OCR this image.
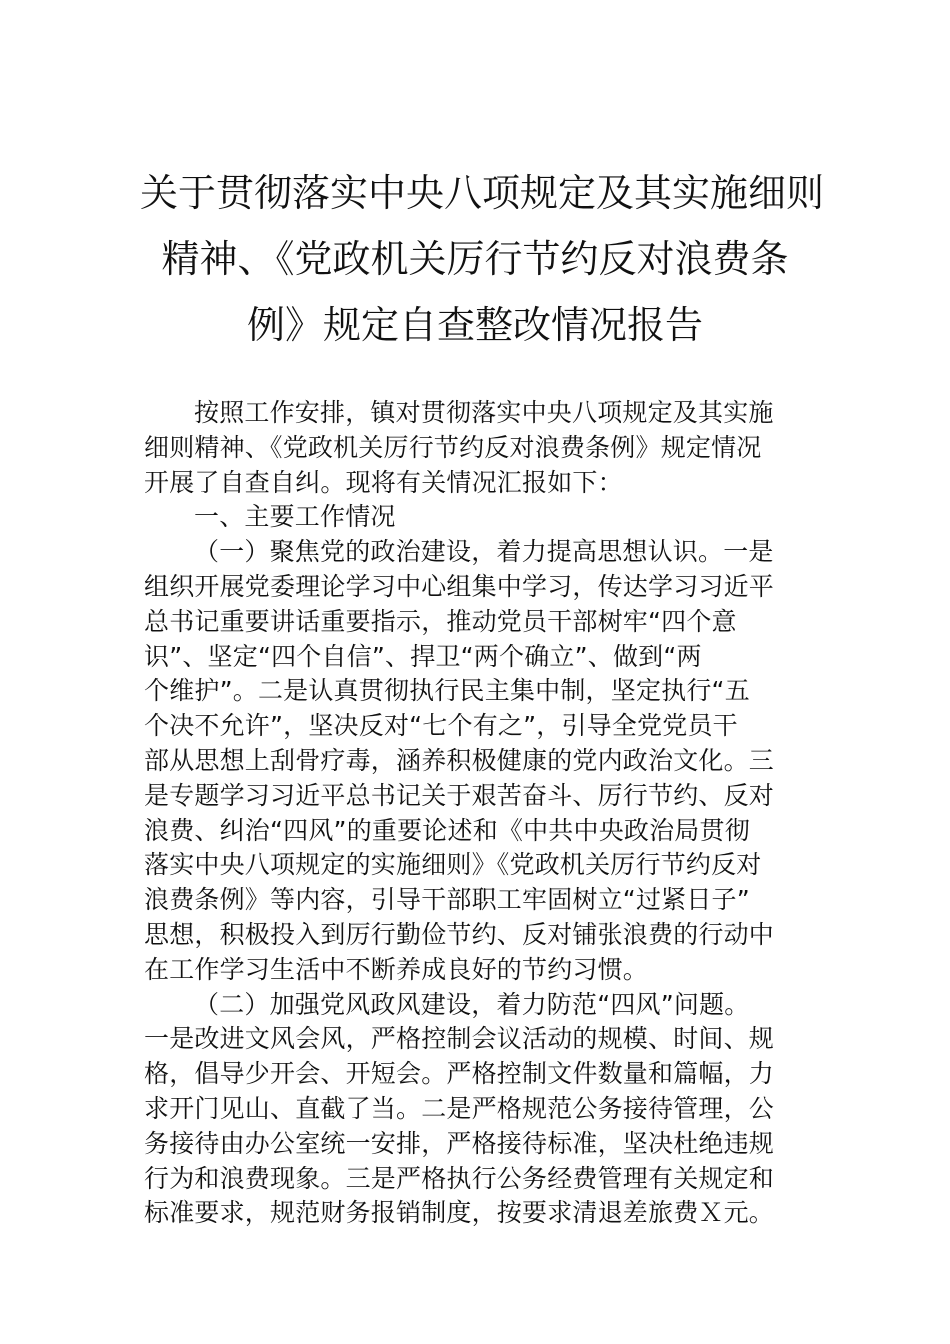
关于贯彻落实中央八项规定及其实施细则
精神、《党政机关厉行节约反对浪费条
例》规定自查整改情况报告

按照工作安排，镇对贯彻落实中央八项规定及其实施
细则精神、《党政机关厉行节约反对浪费条例》规定情况
开展了自查自纠。现将有关情况汇报如下：

一、主要工作情况

（一）聚焦党的政治建设，着力提高思想认识。一是
组织开展党委理论学习中心组集中学习，传达学习习近平
总书记重要讲话重要指示，推动党员干部树牢“四个意
识”、坚定“四个自信”、捍卫“两个确立”、做到“两
个维护”。二是认真贯彻执行民主集中制，坚定执行“五
个决不允许”，坚决反对“七个有之”，引导全党党员干
部从思想上刮骨疗毒，涵养积极健康的党内政治文化。三
是专题学习习近平总书记关于艰苦奋斗、厉行节约、反对
浪费、纠治“四风”的重要论述和《中共中央政治局贯彻
落实中央八项规定的实施细则》《党政机关厉行节约反对
浪费条例》等内容，引导干部职工牢固树立“过紧日子”
思想，积极投入到厉行勤俭节约、反对铺张浪费的行动中
在工作学习生活中不断养成良好的节约习惯。

（二）加强党风政风建设，着力防范“四风”问题。
一是改进文风会风，严格控制会议活动的规模、时间、规
格，倡导少开会、开短会。严格控制文件数量和篇幅，力
求开门见山、直截了当。二是严格规范公务接待管理，公
务接待由办公室统一安排，严格接待标准，坚决杜绝违规
行为和浪费现象。三是严格执行公务经费管理有关规定和
标准要求，规范财务报销制度，按要求清退差旅费Ｘ元。
